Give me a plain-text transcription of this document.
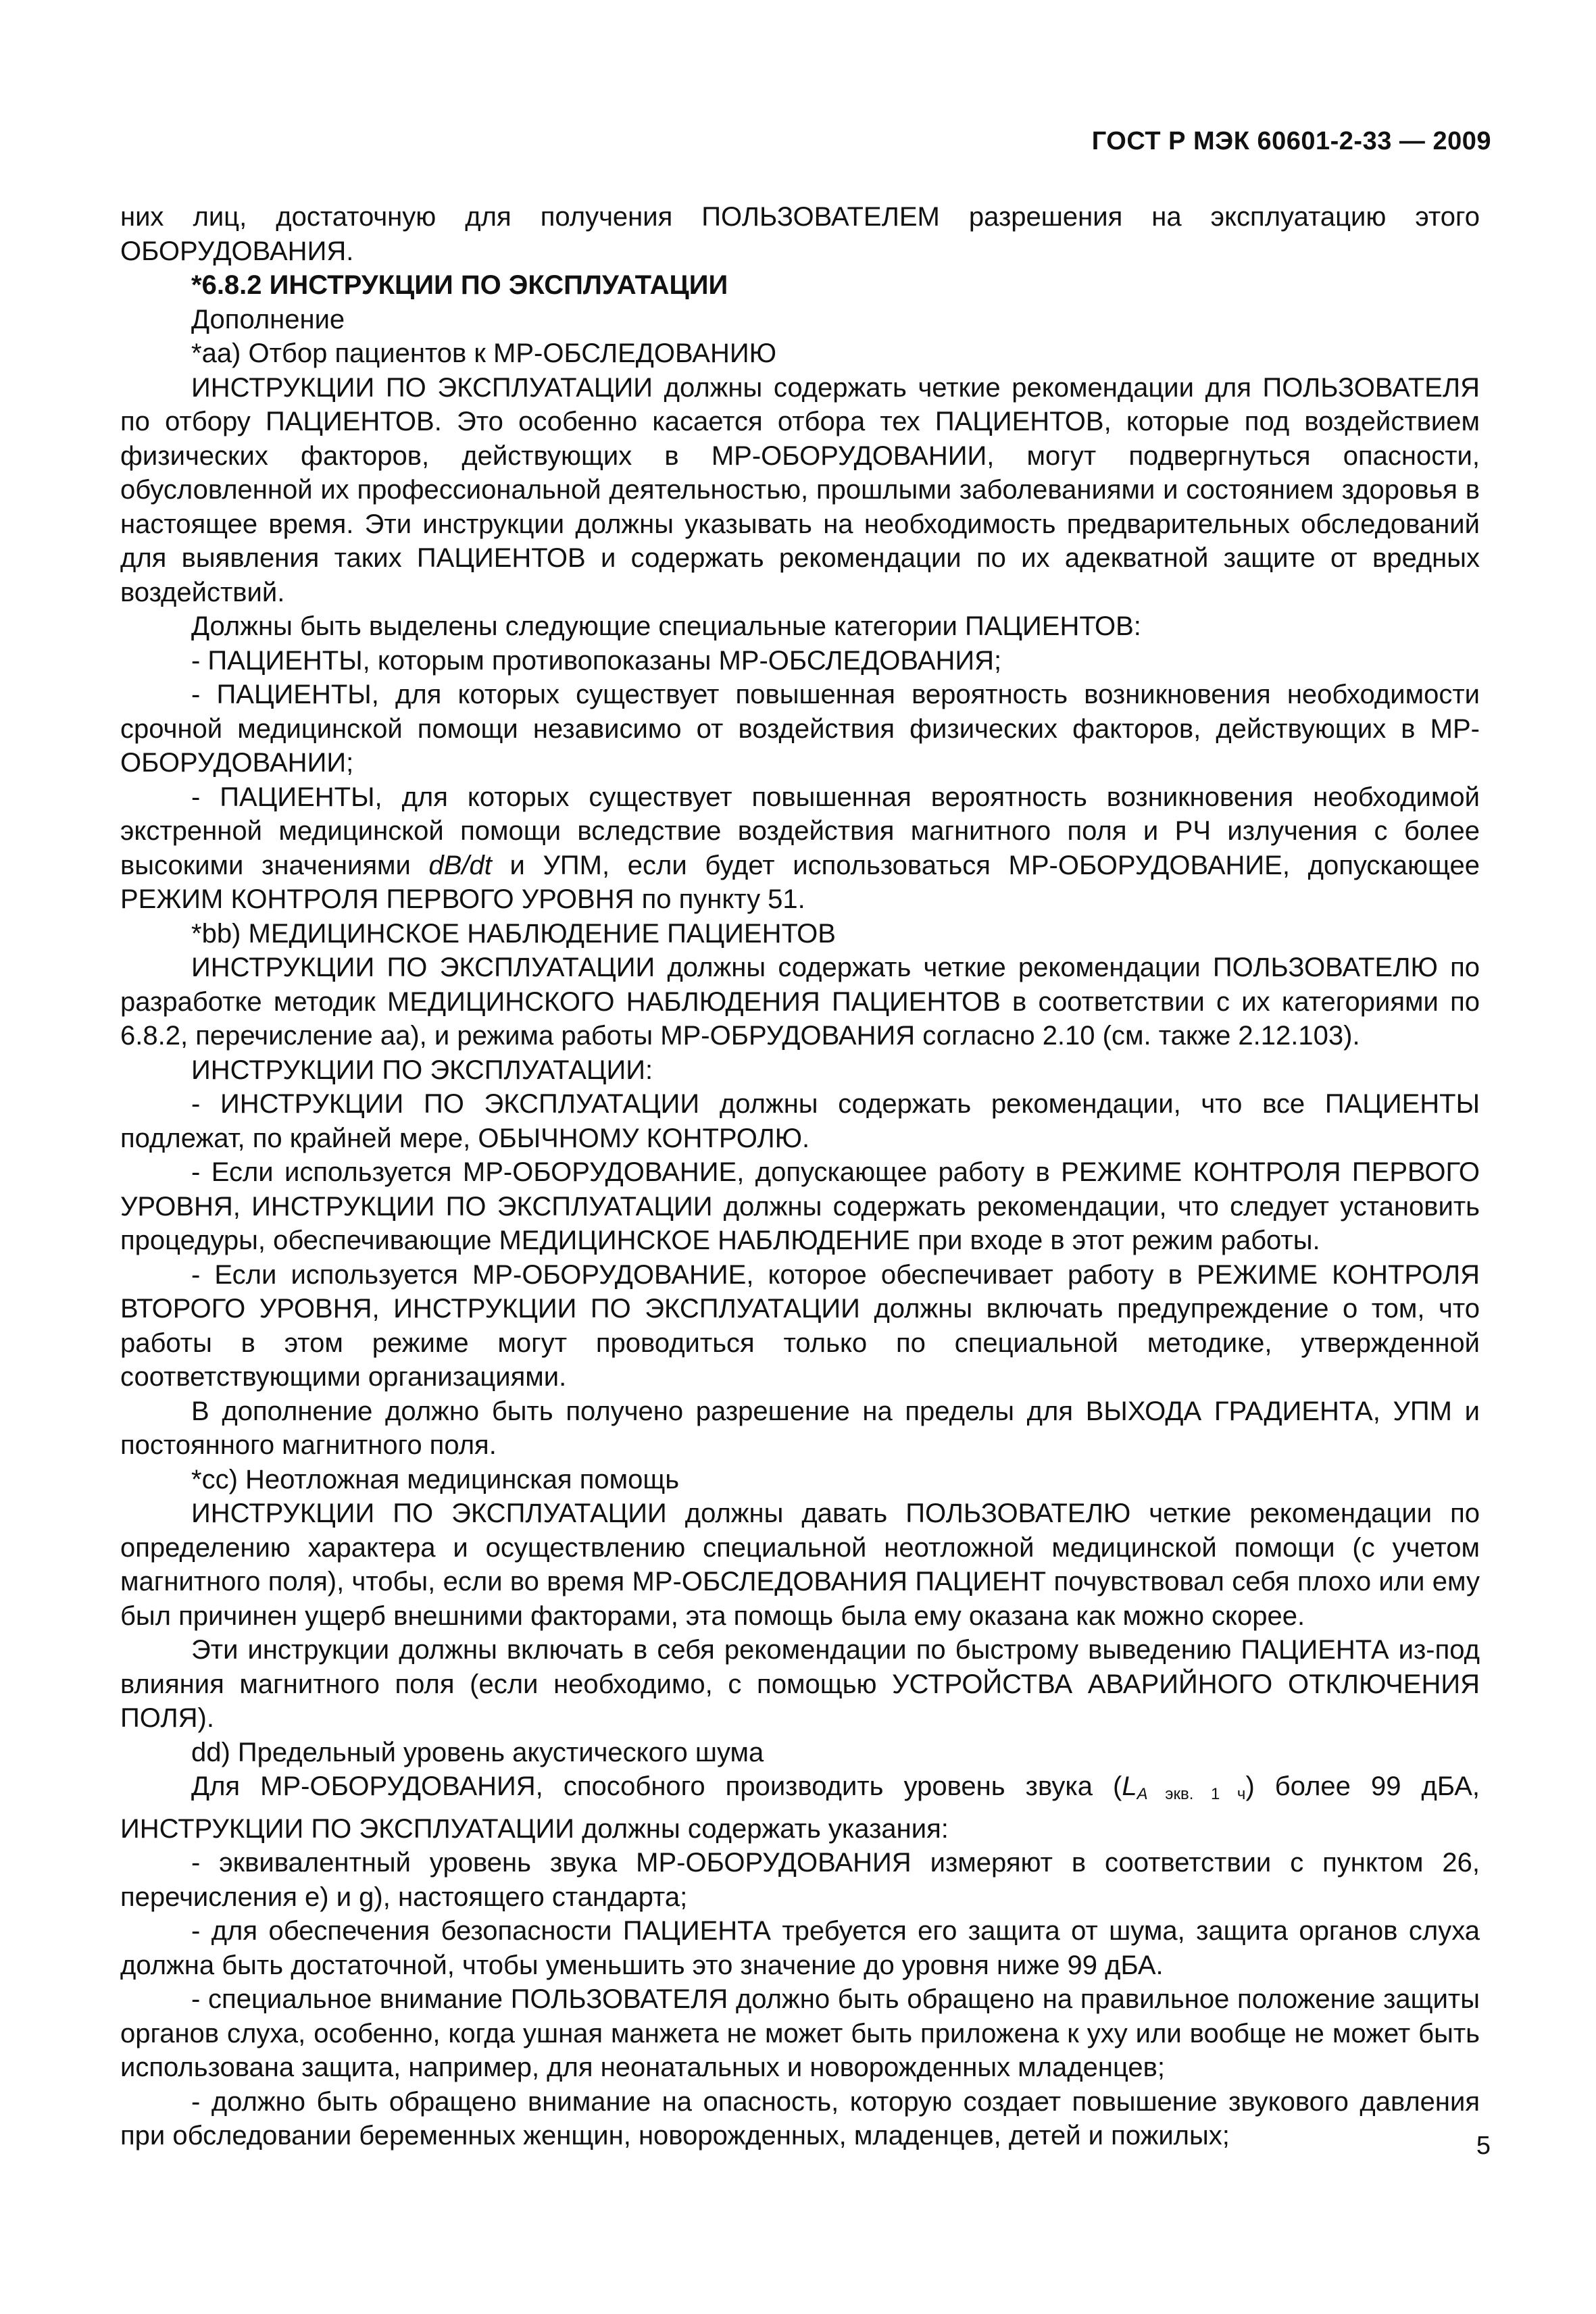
ГОСТ Р МЭК 60601-2-33 — 2009

них лиц, достаточную для получения ПОЛЬЗОВАТЕЛЕМ разрешения на эксплуатацию этого ОБОРУДОВАНИЯ.

*6.8.2 ИНСТРУКЦИИ ПО ЭКСПЛУАТАЦИИ

Дополнение

*аа) Отбор пациентов к МР-ОБСЛЕДОВАНИЮ

ИНСТРУКЦИИ ПО ЭКСПЛУАТАЦИИ должны содержать четкие рекомендации для ПОЛЬЗОВАТЕЛЯ по отбору ПАЦИЕНТОВ. Это особенно касается отбора тех ПАЦИЕНТОВ, которые под воздействием физических факторов, действующих в МР-ОБОРУДОВАНИИ, могут подвергнуться опасности, обусловленной их профессиональной деятельностью, прошлыми заболеваниями и состоянием здоровья в настоящее время. Эти инструкции должны указывать на необходимость предварительных обследований для выявления таких ПАЦИЕНТОВ и содержать рекомендации по их адекватной защите от вредных воздействий.

Должны быть выделены следующие специальные категории ПАЦИЕНТОВ:

- ПАЦИЕНТЫ, которым противопоказаны МР-ОБСЛЕДОВАНИЯ;

- ПАЦИЕНТЫ, для которых существует повышенная вероятность возникновения необходимости срочной медицинской помощи независимо от воздействия физических факторов, действующих в МР-ОБОРУДОВАНИИ;

- ПАЦИЕНТЫ, для которых существует повышенная вероятность возникновения необходимой экстренной медицинской помощи вследствие воздействия магнитного поля и РЧ излучения с более высокими значениями dB/dt и УПМ, если будет использоваться МР-ОБОРУДОВАНИЕ, допускающее РЕЖИМ КОНТРОЛЯ ПЕРВОГО УРОВНЯ по пункту 51.

*bb) МЕДИЦИНСКОЕ НАБЛЮДЕНИЕ ПАЦИЕНТОВ

ИНСТРУКЦИИ ПО ЭКСПЛУАТАЦИИ должны содержать четкие рекомендации ПОЛЬЗОВАТЕЛЮ по разработке методик МЕДИЦИНСКОГО НАБЛЮДЕНИЯ ПАЦИЕНТОВ в соответствии с их категориями по 6.8.2, перечисление аа), и режима работы МР-ОБРУДОВАНИЯ согласно 2.10 (см. также 2.12.103).

ИНСТРУКЦИИ ПО ЭКСПЛУАТАЦИИ:

- ИНСТРУКЦИИ ПО ЭКСПЛУАТАЦИИ должны содержать рекомендации, что все ПАЦИЕНТЫ подлежат, по крайней мере, ОБЫЧНОМУ КОНТРОЛЮ.

- Если используется МР-ОБОРУДОВАНИЕ, допускающее работу в РЕЖИМЕ КОНТРОЛЯ ПЕРВОГО УРОВНЯ, ИНСТРУКЦИИ ПО ЭКСПЛУАТАЦИИ должны содержать рекомендации, что следует установить процедуры, обеспечивающие МЕДИЦИНСКОЕ НАБЛЮДЕНИЕ при входе в этот режим работы.

- Если используется МР-ОБОРУДОВАНИЕ, которое обеспечивает работу в РЕЖИМЕ КОНТРОЛЯ ВТОРОГО УРОВНЯ, ИНСТРУКЦИИ ПО ЭКСПЛУАТАЦИИ должны включать предупреждение о том, что работы в этом режиме могут проводиться только по специальной методике, утвержденной соответствующими организациями.

В дополнение должно быть получено разрешение на пределы для ВЫХОДА ГРАДИЕНТА, УПМ и постоянного магнитного поля.

*сс) Неотложная медицинская помощь

ИНСТРУКЦИИ ПО ЭКСПЛУАТАЦИИ должны давать ПОЛЬЗОВАТЕЛЮ четкие рекомендации по определению характера и осуществлению специальной неотложной медицинской помощи (с учетом магнитного поля), чтобы, если во время МР-ОБСЛЕДОВАНИЯ ПАЦИЕНТ почувствовал себя плохо или ему был причинен ущерб внешними факторами, эта помощь была ему оказана как можно скорее.

Эти инструкции должны включать в себя рекомендации по быстрому выведению ПАЦИЕНТА из-под влияния магнитного поля (если необходимо, с помощью УСТРОЙСТВА АВАРИЙНОГО ОТКЛЮЧЕНИЯ ПОЛЯ).

dd) Предельный уровень акустического шума

Для МР-ОБОРУДОВАНИЯ, способного производить уровень звука $(L_{A экв. 1 ч})$ более 99 дБА, ИНСТРУКЦИИ ПО ЭКСПЛУАТАЦИИ должны содержать указания:

- эквивалентный уровень звука МР-ОБОРУДОВАНИЯ измеряют в соответствии с пунктом 26, перечисления е) и g), настоящего стандарта;

- для обеспечения безопасности ПАЦИЕНТА требуется его защита от шума, защита органов слуха должна быть достаточной, чтобы уменьшить это значение до уровня ниже 99 дБА.

- специальное внимание ПОЛЬЗОВАТЕЛЯ должно быть обращено на правильное положение защиты органов слуха, особенно, когда ушная манжета не может быть приложена к уху или вообще не может быть использована защита, например, для неонатальных и новорожденных младенцев;

- должно быть обращено внимание на опасность, которую создает повышение звукового давления при обследовании беременных женщин, новорожденных, младенцев, детей и пожилых;	5
